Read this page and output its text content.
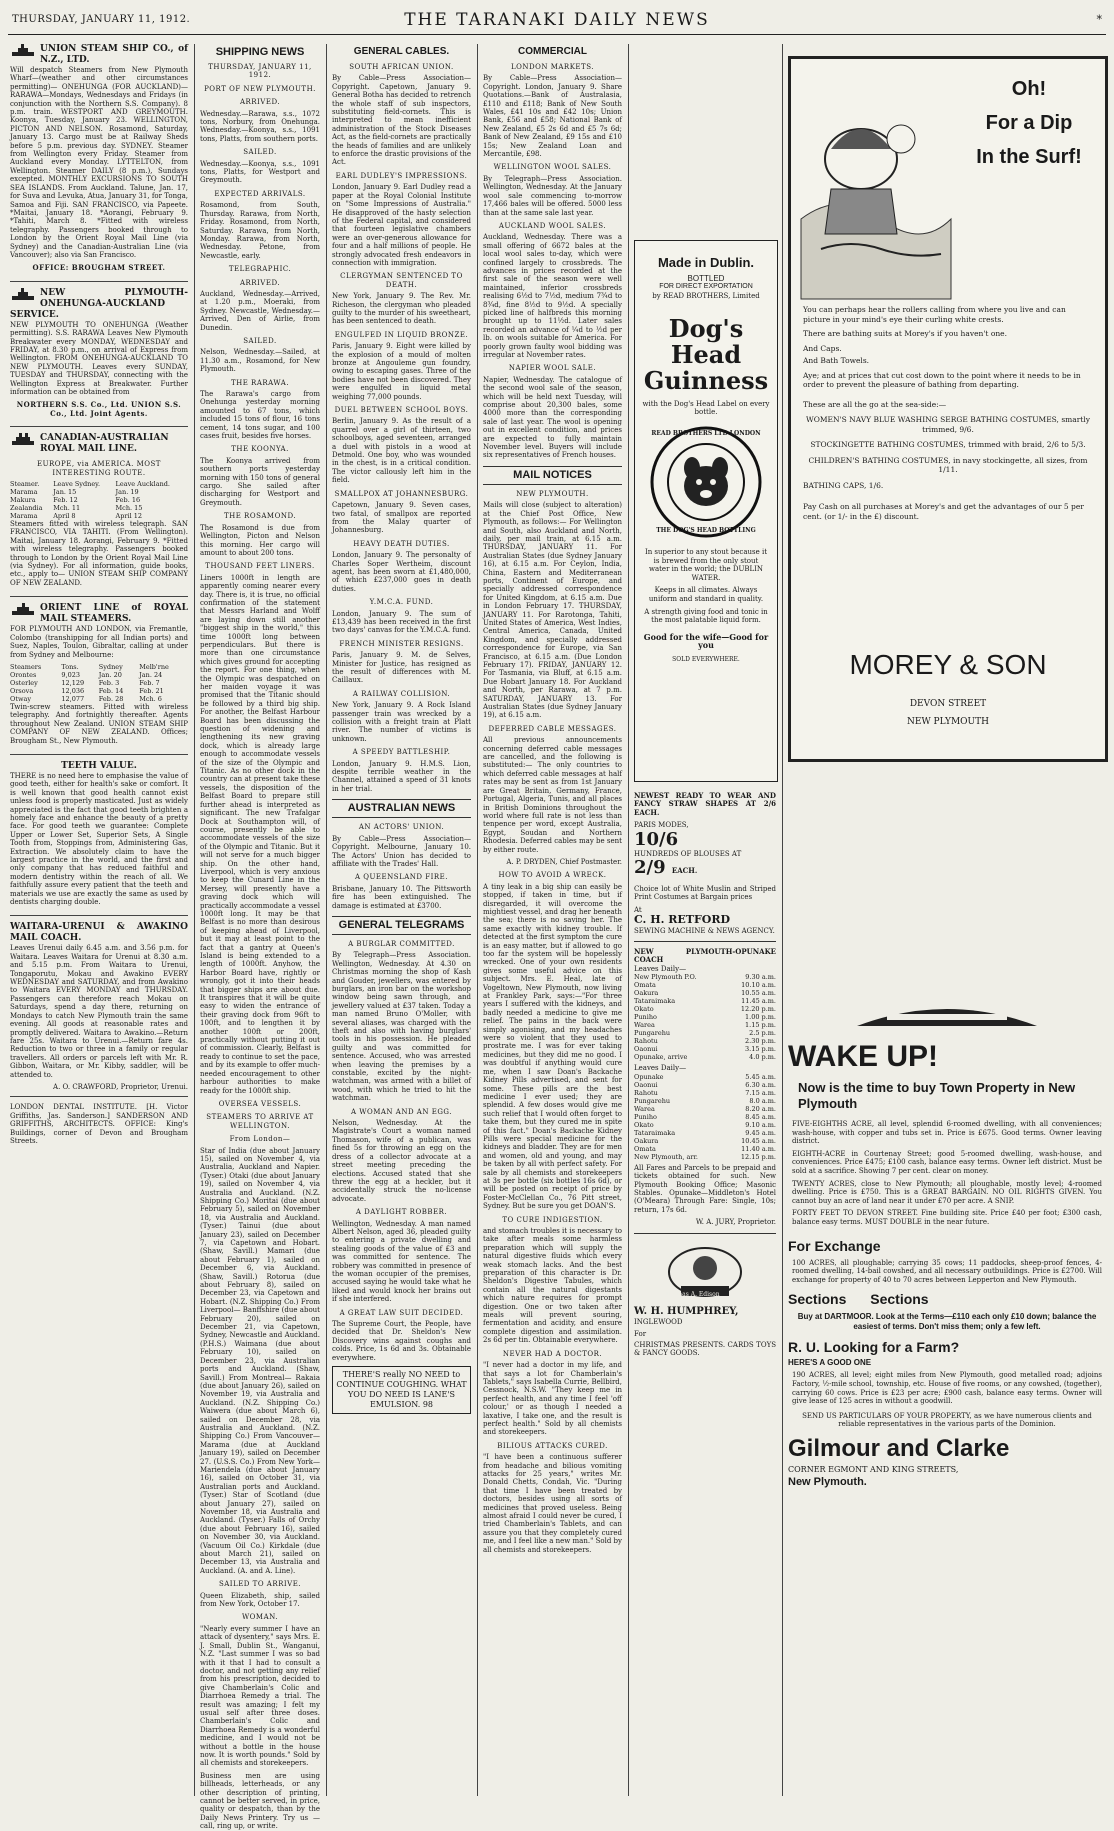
THURSDAY, JANUARY 11, 1912.	THE TARANAKI DAILY NEWS	*
UNION STEAM SHIP CO., of N.Z., LTD.

Will despatch Steamers from New Plymouth Wharf—(weather and other circumstances permitting)— ONEHUNGA (FOR AUCKLAND)— RARAWA—Mondays, Wednesdays and Fridays (in conjunction with the Northern S.S. Company). 8 p.m. train. WESTPORT AND GREYMOUTH. Koonya, Tuesday, January 23. WELLINGTON, PICTON AND NELSON. Rosamond, Saturday, January 13. Cargo must be at Railway Sheds before 5 p.m. previous day. SYDNEY. Steamer from Wellington every Friday. Steamer from Auckland every Monday. LYTTELTON, from Wellington. Steamer DAILY (8 p.m.), Sundays excepted. MONTHLY EXCURSIONS TO SOUTH SEA ISLANDS. From Auckland. Talune, Jan. 17, for Suva and Levuka, Atua, January 31, for Tonga, Samoa and Fiji. SAN FRANCISCO, via Papeete. *Maitai, January 18. *Aorangi, February 9. *Tahiti, March 8. *Fitted with wireless telegraphy. Passengers booked through to London by the Orient Royal Mail Line (via Sydney) and the Canadian-Australian Line (via Vancouver); also via San Francisco.

OFFICE: BROUGHAM STREET.
NEW PLYMOUTH-ONEHUNGA-AUCKLAND SERVICE.

NEW PLYMOUTH TO ONEHUNGA (Weather permitting). S.S. RARAWA Leaves New Plymouth Breakwater every MONDAY, WEDNESDAY and FRIDAY, at 8.30 p.m., on arrival of Express from Wellington. FROM ONEHUNGA-AUCKLAND TO NEW PLYMOUTH. Leaves every SUNDAY, TUESDAY and THURSDAY, connecting with the Wellington Express at Breakwater. Further information can be obtained from

NORTHERN S.S. Co., Ltd. UNION S.S. Co., Ltd. Joint Agents.
CANADIAN-AUSTRALIAN ROYAL MAIL LINE.
EUROPE, via AMERICA. MOST INTERESTING ROUTE.
Steamer.	Leave Sydney.	Leave Auckland.
Marama	Jan. 15	Jan. 19
Makura	Feb. 12	Feb. 16
Zealandia	Mch. 11	Mch. 15
Marama	April 8	April 12

Steamers fitted with wireless telegraph. SAN FRANCISCO, VIA TAHITI. (From Wellington). Maitai, January 18. Aorangi, February 9. *Fitted with wireless telegraphy. Passengers booked through to London by the Orient Royal Mail Line (via Sydney). For all information, guide books, etc., apply to— UNION STEAM SHIP COMPANY OF NEW ZEALAND.

ORIENT LINE of ROYAL MAIL STEAMERS.

FOR PLYMOUTH AND LONDON, via Fremantle, Colombo (transhipping for all Indian ports) and Suez, Naples, Toulon, Gibraltar, calling at under from Sydney and Melbourne:

Steamers	Tons.	Sydney	Melb'rne
Orontes	9,023	Jan. 20	Jan. 24
Osterley	12,129	Feb. 3	Feb. 7
Orsova	12,036	Feb. 14	Feb. 21
Otway	12,077	Feb. 28	Mch. 6

Twin-screw steamers. Fitted with wireless telegraphy. And fortnightly thereafter. Agents throughout New Zealand. UNION STEAM SHIP COMPANY OF NEW ZEALAND. Offices; Brougham St., New Plymouth.

TEETH VALUE.

THERE is no need here to emphasise the value of good teeth, either for health's sake or comfort. It is well known that good health cannot exist unless food is properly masticated. Just as widely appreciated is the fact that good teeth brighten a homely face and enhance the beauty of a pretty face. For good teeth we guarantee: Complete Upper or Lower Set, Superior Sets, A Single Tooth from, Stoppings from, Administering Gas, Extraction. We absolutely claim to have the largest practice in the world, and the first and only company that has reduced faithful and modern dentistry within the reach of all. We faithfully assure every patient that the teeth and materials we use are exactly the same as used by dentists charging double.

WAITARA-URENUI & AWAKINO MAIL COACH.

Leaves Urenui daily 6.45 a.m. and 3.56 p.m. for Waitara. Leaves Waitara for Urenui at 8.30 a.m. and 5.15 p.m. From Waitara to Urenui, Tongaporutu, Mokau and Awakino EVERY WEDNESDAY and SATURDAY, and from Awakino to Waitara EVERY MONDAY and THURSDAY. Passengers can therefore reach Mokau on Saturdays, spend a day there, returning on Mondays to catch New Plymouth train the same evening. All goods at reasonable rates and promptly delivered. Waitara to Awakino.—Return fare 25s. Waitara to Urenui.—Return fare 4s. Reduction to two or three in a family or regular travellers. All orders or parcels left with Mr. R. Gibbon, Waitara, or Mr. Kibby, saddler, will be attended to.

A. O. CRAWFORD, Proprietor, Urenui.

LONDON DENTAL INSTITUTE. [H. Victor Griffiths, Jas. Sanderson.] SANDERSON AND GRIFFITHS, ARCHITECTS. OFFICE: King's Buildings, corner of Devon and Brougham Streets.

SHIPPING NEWS
THURSDAY, JANUARY 11, 1912.
PORT OF NEW PLYMOUTH.
ARRIVED.

Wednesday.—Rarawa, s.s., 1072 tons, Norbury, from Onehunga. Wednesday.—Koonya, s.s., 1091 tons, Platts, from southern ports.

SAILED.

Wednesday.—Koonya, s.s., 1091 tons, Platts, for Westport and Greymouth.

EXPECTED ARRIVALS.

Rosamond, from South, Thursday. Rarawa, from North, Friday. Rosamond, from North, Saturday. Rarawa, from North, Monday. Rarawa, from North, Wednesday. Petone, from Newcastle, early.

TELEGRAPHIC.
ARRIVED.

Auckland, Wednesday.—Arrived, at 1.20 p.m., Moeraki, from Sydney. Newcastle, Wednesday.—Arrived, Den of Airlie, from Dunedin.

SAILED.

Nelson, Wednesday.—Sailed, at 11.30 a.m., Rosamond, for New Plymouth.

THE RARAWA.

The Rarawa's cargo from Onehunga yesterday morning amounted to 67 tons, which included 15 tons of flour, 16 tons cement, 14 tons sugar, and 100 cases fruit, besides five horses.

THE KOONYA.

The Koonya arrived from southern ports yesterday morning with 150 tons of general cargo. She sailed after discharging for Westport and Greymouth.

THE ROSAMOND.

The Rosamond is due from Wellington, Picton and Nelson this morning. Her cargo will amount to about 200 tons.

THOUSAND FEET LINERS.

Liners 1000ft in length are apparently coming nearer every day. There is, it is true, no official confirmation of the statement that Messrs Harland and Wolff are laying down still another "biggest ship in the world," this time 1000ft long between perpendiculars. But there is more than one circumstance which gives ground for accepting the report. For one thing, when the Olympic was despatched on her maiden voyage it was promised that the Titanic should be followed by a third big ship. For another, the Belfast Harbour Board has been discussing the question of widening and lengthening its new graving dock, which is already large enough to accommodate vessels of the size of the Olympic and Titanic. As no other dock in the country can at present take these vessels, the disposition of the Belfast Board to prepare still further ahead is interpreted as significant. The new Trafalgar Dock at Southampton will, of course, presently be able to accommodate vessels of the size of the Olympic and Titanic. But it will not serve for a much bigger ship. On the other hand, Liverpool, which is very anxious to keep the Cunard Line in the Mersey, will presently have a graving dock which will practically accommodate a vessel 1000ft long. It may be that Belfast is no more than desirous of keeping ahead of Liverpool, but it may at least point to the fact that a gantry at Queen's Island is being extended to a length of 1000ft. Anyhow, the Harbor Board have, rightly or wrongly, got it into their heads that bigger ships are about due. It transpires that it will be quite easy to widen the entrance of their graving dock from 96ft to 100ft, and to lengthen it by another 100ft or 200ft, practically without putting it out of commission. Clearly, Belfast is ready to continue to set the pace, and by its example to offer much-needed encouragement to other harbour authorities to make ready for the 1000ft ship.

OVERSEA VESSELS.
STEAMERS TO ARRIVE AT WELLINGTON.
From London—

Star of India (due about January 15), sailed on November 4, via Australia, Auckland and Napier. (Tyser.) Otaki (due about January 19), sailed on November 4, via Australia and Auckland. (N.Z. Shipping Co.) Moritai (due about February 5), sailed on November 18, via Australia and Auckland. (Tyser.) Tainui (due about January 23), sailed on December 7, via Capetown and Hobart. (Shaw, Savill.) Mamari (due about February 1), sailed on December 6, via Auckland. (Shaw, Savill.) Rotorua (due about February 8), sailed on December 23, via Capetown and Hobart. (N.Z. Shipping Co.) From Liverpool— Banffshire (due about February 20), sailed on December 21, via Capetown, Sydney, Newcastle and Auckland. (P.H.S.) Waimana (due about February 10), sailed on December 23, via Australian ports and Auckland. (Shaw, Savill.) From Montreal— Rakaia (due about January 26), sailed on November 19, via Australia and Auckland. (N.Z. Shipping Co.) Waiwera (due about March 6), sailed on December 28, via Australia and Auckland. (N.Z. Shipping Co.) From Vancouver— Marama (due at Auckland January 19), sailed on December 27. (U.S.S. Co.) From New York— Mariendela (due about January 16), sailed on October 31, via Australian ports and Auckland. (Tyser.) Star of Scotland (due about January 27), sailed on November 18, via Australia and Auckland. (Tyser.) Falls of Orchy (due about February 16), sailed on November 30, via Auckland. (Vacuum Oil Co.) Kirkdale (due about March 21), sailed on December 13, via Australia and Auckland. (A. and A. Line).

SAILED TO ARRIVE.

Queen Elizabeth, ship, sailed from New York, October 17.

WOMAN.

"Nearly every summer I have an attack of dysentery," says Mrs. E. J. Small, Dublin St., Wanganui, N.Z. "Last summer I was so bad with it that I had to consult a doctor, and not getting any relief from his prescription, decided to give Chamberlain's Colic and Diarrhoea Remedy a trial. The result was amazing; I felt my usual self after three doses. Chamberlain's Colic and Diarrhoea Remedy is a wonderful medicine, and I would not be without a bottle in the house now. It is worth pounds." Sold by all chemists and storekeepers.

Business men are using billheads, letterheads, or any other description of printing, cannot be better served, in price, quality or despatch, than by the Daily News Printery. Try us — call, ring up, or write.

GENERAL CABLES.
SOUTH AFRICAN UNION.

By Cable—Press Association—Copyright. Capetown, January 9. General Botha has decided to retrench the whole staff of sub inspectors, substituting field-cornets. This is interpreted to mean inefficient administration of the Stock Diseases Act, as the field-cornets are practically the heads of families and are unlikely to enforce the drastic provisions of the Act.

EARL DUDLEY'S IMPRESSIONS.

London, January 9. Earl Dudley read a paper at the Royal Colonial Institute on "Some Impressions of Australia." He disapproved of the hasty selection of the Federal capital, and considered that fourteen legislative chambers were an over-generous allowance for four and a half millions of people. He strongly advocated fresh endeavors in connection with immigration.

CLERGYMAN SENTENCED TO DEATH.

New York, January 9. The Rev. Mr. Richeson, the clergyman who pleaded guilty to the murder of his sweetheart, has been sentenced to death.

ENGULFED IN LIQUID BRONZE.

Paris, January 9. Eight were killed by the explosion of a mould of molten bronze at Angouleme gun foundry, owing to escaping gases. Three of the bodies have not been discovered. They were engulfed in liquid metal weighing 77,000 pounds.

DUEL BETWEEN SCHOOL BOYS.

Berlin, January 9. As the result of a quarrel over a girl of thirteen, two schoolboys, aged seventeen, arranged a duel with pistols in a wood at Detmold. One boy, who was wounded in the chest, is in a critical condition. The victor callously left him in the field.

SMALLPOX AT JOHANNESBURG.

Capetown, January 9. Seven cases, two fatal, of smallpox are reported from the Malay quarter of Johannesburg.

HEAVY DEATH DUTIES.

London, January 9. The personalty of Charles Soper Wertheim, discount agent, has been sworn at £1,480,000, of which £237,000 goes in death duties.

Y.M.C.A. FUND.

London, January 9. The sum of £13,439 has been received in the first two days' canvas for the Y.M.C.A. fund.

FRENCH MINISTER RESIGNS.

Paris, January 9. M. de Selves, Minister for Justice, has resigned as the result of differences with M. Caillaux.

A RAILWAY COLLISION.

New York, January 9. A Rock Island passenger train was wrecked by a collision with a freight train at Platt river. The number of victims is unknown.

A SPEEDY BATTLESHIP.

London, January 9. H.M.S. Lion, despite terrible weather in the Channel, attained a speed of 31 knots in her trial.

AUSTRALIAN NEWS
AN ACTORS' UNION.

By Cable—Press Association—Copyright. Melbourne, January 10. The Actors' Union has decided to affiliate with the Trades' Hall.

A QUEENSLAND FIRE.

Brisbane, January 10. The Pittsworth fire has been extinguished. The damage is estimated at £3700.

GENERAL TELEGRAMS
A BURGLAR COMMITTED.

By Telegraph—Press Association. Wellington, Wednesday. At 4.30 on Christmas morning the shop of Kash and Gouder, jewellers, was entered by burglars, an iron bar on the workshop window being sawn through, and jewellery valued at £37 taken. Today a man named Bruno O'Moller, with several aliases, was charged with the theft and also with having burglars' tools in his possession. He pleaded guilty and was committed for sentence. Accused, who was arrested when leaving the premises by a constable, excited by the night-watchman, was armed with a billet of wood, with which he tried to hit the watchman.

A WOMAN AND AN EGG.

Nelson, Wednesday. At the Magistrate's Court a woman named Thomason, wife of a publican, was fined 5s for throwing an egg on the dress of a collector advocate at a street meeting preceding the elections. Accused stated that she threw the egg at a heckler, but it accidentally struck the no-license advocate.

A DAYLIGHT ROBBER.

Wellington, Wednesday. A man named Albert Nelson, aged 36, pleaded guilty to entering a private dwelling and stealing goods of the value of £3 and was committed for sentence. The robbery was committed in presence of the woman occupier of the premises, accused saying he would take what he liked and would knock her brains out if she interfered.

A GREAT LAW SUIT DECIDED.

The Supreme Court, the People, have decided that Dr. Sheldon's New Discovery wins against coughs and colds. Price, 1s 6d and 3s. Obtainable everywhere.

THERE'S really NO NEED to CONTINUE COUGHING. WHAT YOU DO NEED IS LANE'S EMULSION. 98
COMMERCIAL
LONDON MARKETS.

By Cable—Press Association—Copyright. London, January 9. Share Quotations.—Bank of Australasia, £110 and £118; Bank of New South Wales, £41 10s and £42 10s; Union Bank, £56 and £58; National Bank of New Zealand, £5 2s 6d and £5 7s 6d; Bank of New Zealand, £9 15s and £10 15s; New Zealand Loan and Mercantile, £98.

WELLINGTON WOOL SALES.

By Telegraph—Press Association. Wellington, Wednesday. At the January wool sale commencing to-morrow 17,466 bales will be offered. 5000 less than at the same sale last year.

AUCKLAND WOOL SALES.

Auckland, Wednesday. There was a small offering of 6672 bales at the local wool sales to-day, which were confined largely to crossbreds. The advances in prices recorded at the first sale of the season were well maintained, inferior crossbreds realising 6½d to 7½d, medium 7¾d to 8¾d, fine 8½d to 9½d. A specially picked line of halfbreds this morning brought up to 11½d. Later sales recorded an advance of ¼d to ½d per lb. on wools suitable for America. For poorly grown faulty wool bidding was irregular at November rates.

NAPIER WOOL SALE.

Napier, Wednesday. The catalogue of the second wool sale of the season, which will be held next Tuesday, will comprise about 20,300 bales, some 4000 more than the corresponding sale of last year. The wool is opening out in excellent condition, and prices are expected to fully maintain November level. Buyers will include six representatives of French houses.

MAIL NOTICES
NEW PLYMOUTH.

Mails will close (subject to alteration) at the Chief Post Office, New Plymouth, as follows:— For Wellington and South, also Auckland and North, daily, per mail train, at 6.15 a.m. THURSDAY, JANUARY 11. For Australian States (due Sydney January 16), at 6.15 a.m. For Ceylon, India, China, Eastern and Mediterranean ports, Continent of Europe, and specially addressed correspondence for United Kingdom, at 6.15 a.m. Due in London February 17. THURSDAY, JANUARY 11. For Rarotonga, Tahiti, United States of America, West Indies, Central America, Canada, United Kingdom, and specially addressed correspondence for Europe, via San Francisco, at 6.15 a.m. (Due London February 17). FRIDAY, JANUARY 12. For Tasmania, via Bluff, at 6.15 a.m. Due Hobart January 18. For Auckland and North, per Rarawa, at 7 p.m. SATURDAY, JANUARY 13. For Australian States (due Sydney January 19), at 6.15 a.m.

DEFERRED CABLE MESSAGES.

All previous announcements concerning deferred cable messages are cancelled, and the following is substituted:— The only countries to which deferred cable messages at half rates may be sent as from 1st January are Great Britain, Germany, France, Portugal, Algeria, Tunis, and all places in British Dominions throughout the world where full rate is not less than tenpence per word, except Australia, Egypt, Soudan and Northern Rhodesia. Deferred cables may be sent by either route.

A. P. DRYDEN, Chief Postmaster.
HOW TO AVOID A WRECK.

A tiny leak in a big ship can easily be stopped, if taken in time, but if disregarded, it will overcome the mightiest vessel, and drag her beneath the sea; there is no saving her. The same exactly with kidney trouble. If detected at the first symptom the cure is an easy matter, but if allowed to go too far the system will be hopelessly wrecked. One of your own residents gives some useful advice on this subject. Mrs. E. Heal, late of Vogeltown, New Plymouth, now living at Frankley Park, says:—"For three years I suffered with the kidneys, and badly needed a medicine to give me relief. The pains in the back were simply agonising, and my headaches were so violent that they used to prostrate me. I was for ever taking medicines, but they did me no good. I was doubtful if anything would cure me, when I saw Doan's Backache Kidney Pills advertised, and sent for some. These pills are the best medicine I ever used; they are splendid. A few doses would give me such relief that I would often forget to take them, but they cured me in spite of this fact." Doan's Backache Kidney Pills were special medicine for the kidneys and bladder. They are for men and women, old and young, and may be taken by all with perfect safety. For sale by all chemists and storekeepers at 3s per bottle (six bottles 16s 6d), or will be posted on receipt of price by Foster-McClellan Co., 76 Pitt street, Sydney. But be sure you get DOAN'S.

TO CURE INDIGESTION.

and stomach troubles it is necessary to take after meals some harmless preparation which will supply the natural digestive fluids which every weak stomach lacks. And the best preparation of this character is Dr. Sheldon's Digestive Tabules, which contain all the natural digestants which nature requires for prompt digestion. One or two taken after meals will prevent souring, fermentation and acidity, and ensure complete digestion and assimilation. 2s 6d per tin. Obtainable everywhere.

NEVER HAD A DOCTOR.

"I never had a doctor in my life, and that says a lot for Chamberlain's Tablets," says Isabella Currie, Bellbird, Cessnock, N.S.W. "They keep me in perfect health, and any time I feel 'off colour,' or as though I needed a laxative, I take one, and the result is perfect health." Sold by all chemists and storekeepers.

BILIOUS ATTACKS CURED.

"I have been a continuous sufferer from headache and bilious vomiting attacks for 25 years," writes Mr. Donald Chetts, Condah, Vic. "During that time I have been treated by doctors, besides using all sorts of medicines that proved useless. Being almost afraid I could never be cured, I tried Chamberlain's Tablets, and can assure you that they completely cured me, and I feel like a new man." Sold by all chemists and storekeepers.

Made in Dublin.
BOTTLED
FOR DIRECT EXPORTATION
by READ BROTHERS, Limited
Dog's Head
Guinness
with the Dog's Head Label on every bottle.
READ BROTHERS LTD LONDON
THE DOG'S HEAD BOTTLING

In superior to any stout because it is brewed from the only stout water in the world; the DUBLIN WATER.

Keeps in all climates. Always uniform and standard in quality.

A strength giving food and tonic in the most palatable liquid form.

Good for the wife—Good for you

SOLD EVERYWHERE.

NEWEST READY TO WEAR AND FANCY STRAW SHAPES AT 2/6 EACH.

PARIS MODES,
10/6
HUNDREDS OF BLOUSES AT
2/9 EACH.

Choice lot of White Muslin and Striped Print Costumes at Bargain prices

At
C. H. RETFORD
SEWING MACHINE & NEWS AGENCY.
NEW PLYMOUTH-OPUNAKE COACH
Leaves Daily—
New Plymouth P.O.	9.30 a.m.
Omata	10.10 a.m.
Oakura	10.55 a.m.
Tataraimaka	11.45 a.m.
Okato	12.20 p.m.
Puniho	1.00 p.m.
Warea	1.15 p.m.
Pungarehu	2.5 p.m.
Rahotu	2.30 p.m.
Oaonui	3.15 p.m.
Opunake, arrive	4.0 p.m.
Leaves Daily—
Opunake	5.45 a.m.
Oaonui	6.30 a.m.
Rahotu	7.15 a.m.
Pungarehu	8.0 a.m.
Warea	8.20 a.m.
Puniho	8.45 a.m.
Okato	9.10 a.m.
Tataraimaka	9.45 a.m.
Oakura	10.45 a.m.
Omata	11.40 a.m.
New Plymouth, arr.	12.15 p.m.

All Fares and Parcels to be prepaid and tickets obtained for such. New Plymouth Booking Office; Masonic Stables. Opunake—Middleton's Hotel (O'Meara) Through Fare: Single, 10s; return, 17s 6d.

W. A. JURY, Proprietor.
Thomas A. Edison
W. H. HUMPHREY,
INGLEWOOD
For
CHRISTMAS PRESENTS. CARDS TOYS & FANCY GOODS.
Oh!
For a Dip
In the Surf!

You can perhaps hear the rollers calling from where you live and can picture in your mind's eye their curling white crests.

There are bathing suits at Morey's if you haven't one.

And Caps.

And Bath Towels.

Aye; and at prices that cut cost down to the point where it needs to be in order to prevent the pleasure of bathing from departing.

These are all the go at the sea-side:—

WOMEN'S NAVY BLUE WASHING SERGE BATHING COSTUMES, smartly trimmed, 9/6.

STOCKINGETTE BATHING COSTUMES, trimmed with braid, 2/6 to 5/3.

CHILDREN'S BATHING COSTUMES, in navy stockingette, all sizes, from 1/11.

BATHING CAPS, 1/6.

Pay Cash on all purchases at Morey's and get the advantages of our 5 per cent. (or 1/- in the £) discount.

MOREY & SON
DEVON STREET
NEW PLYMOUTH
WAKE UP!
Now is the time to buy Town Property in New Plymouth

FIVE-EIGHTHS ACRE, all level, splendid 6-roomed dwelling, with all conveniences; wash-house, with copper and tubs set in. Price is £675. Good terms. Owner leaving district.

EIGHTH-ACRE in Courtenay Street; good 5-roomed dwelling, wash-house, and conveniences. Price £475; £100 cash, balance easy terms. Owner left district. Must be sold at a sacrifice. Showing 7 per cent. clear on money.

TWENTY ACRES, close to New Plymouth; all ploughable, mostly level; 4-roomed dwelling. Price is £750. This is a GREAT BARGAIN. NO OIL RIGHTS GIVEN. You cannot buy an acre of land near it under £70 per acre. A SNIP.

FORTY FEET TO DEVON STREET. Fine building site. Price £40 per foot; £300 cash, balance easy terms. MUST DOUBLE in the near future.

For Exchange

100 ACRES, all ploughable; carrying 35 cows; 11 paddocks, sheep-proof fences, 4-roomed dwelling, 14-bail cowshed, and all necessary outbuildings. Price is £2700. Will exchange for property of 40 to 70 acres between Lepperton and New Plymouth.

Sections Sections

Buy at DARTMOOR. Look at the Terms—£110 each only £10 down; balance the easiest of terms. Don't miss them; only a few left.

R. U. Looking for a Farm?
HERE'S A GOOD ONE

190 ACRES, all level; eight miles from New Plymouth, good metalled road; adjoins Factory, ½-mile school, township, etc. House of five rooms, or any cowshed, (together), carrying 60 cows. Price is £23 per acre; £900 cash, balance easy terms. Owner will give lease of 125 acres in without a goodwill.

SEND US PARTICULARS OF YOUR PROPERTY, as we have numerous clients and reliable representatives in the various parts of the Dominion.

Gilmour and Clarke
CORNER EGMONT AND KING STREETS,
New Plymouth.
